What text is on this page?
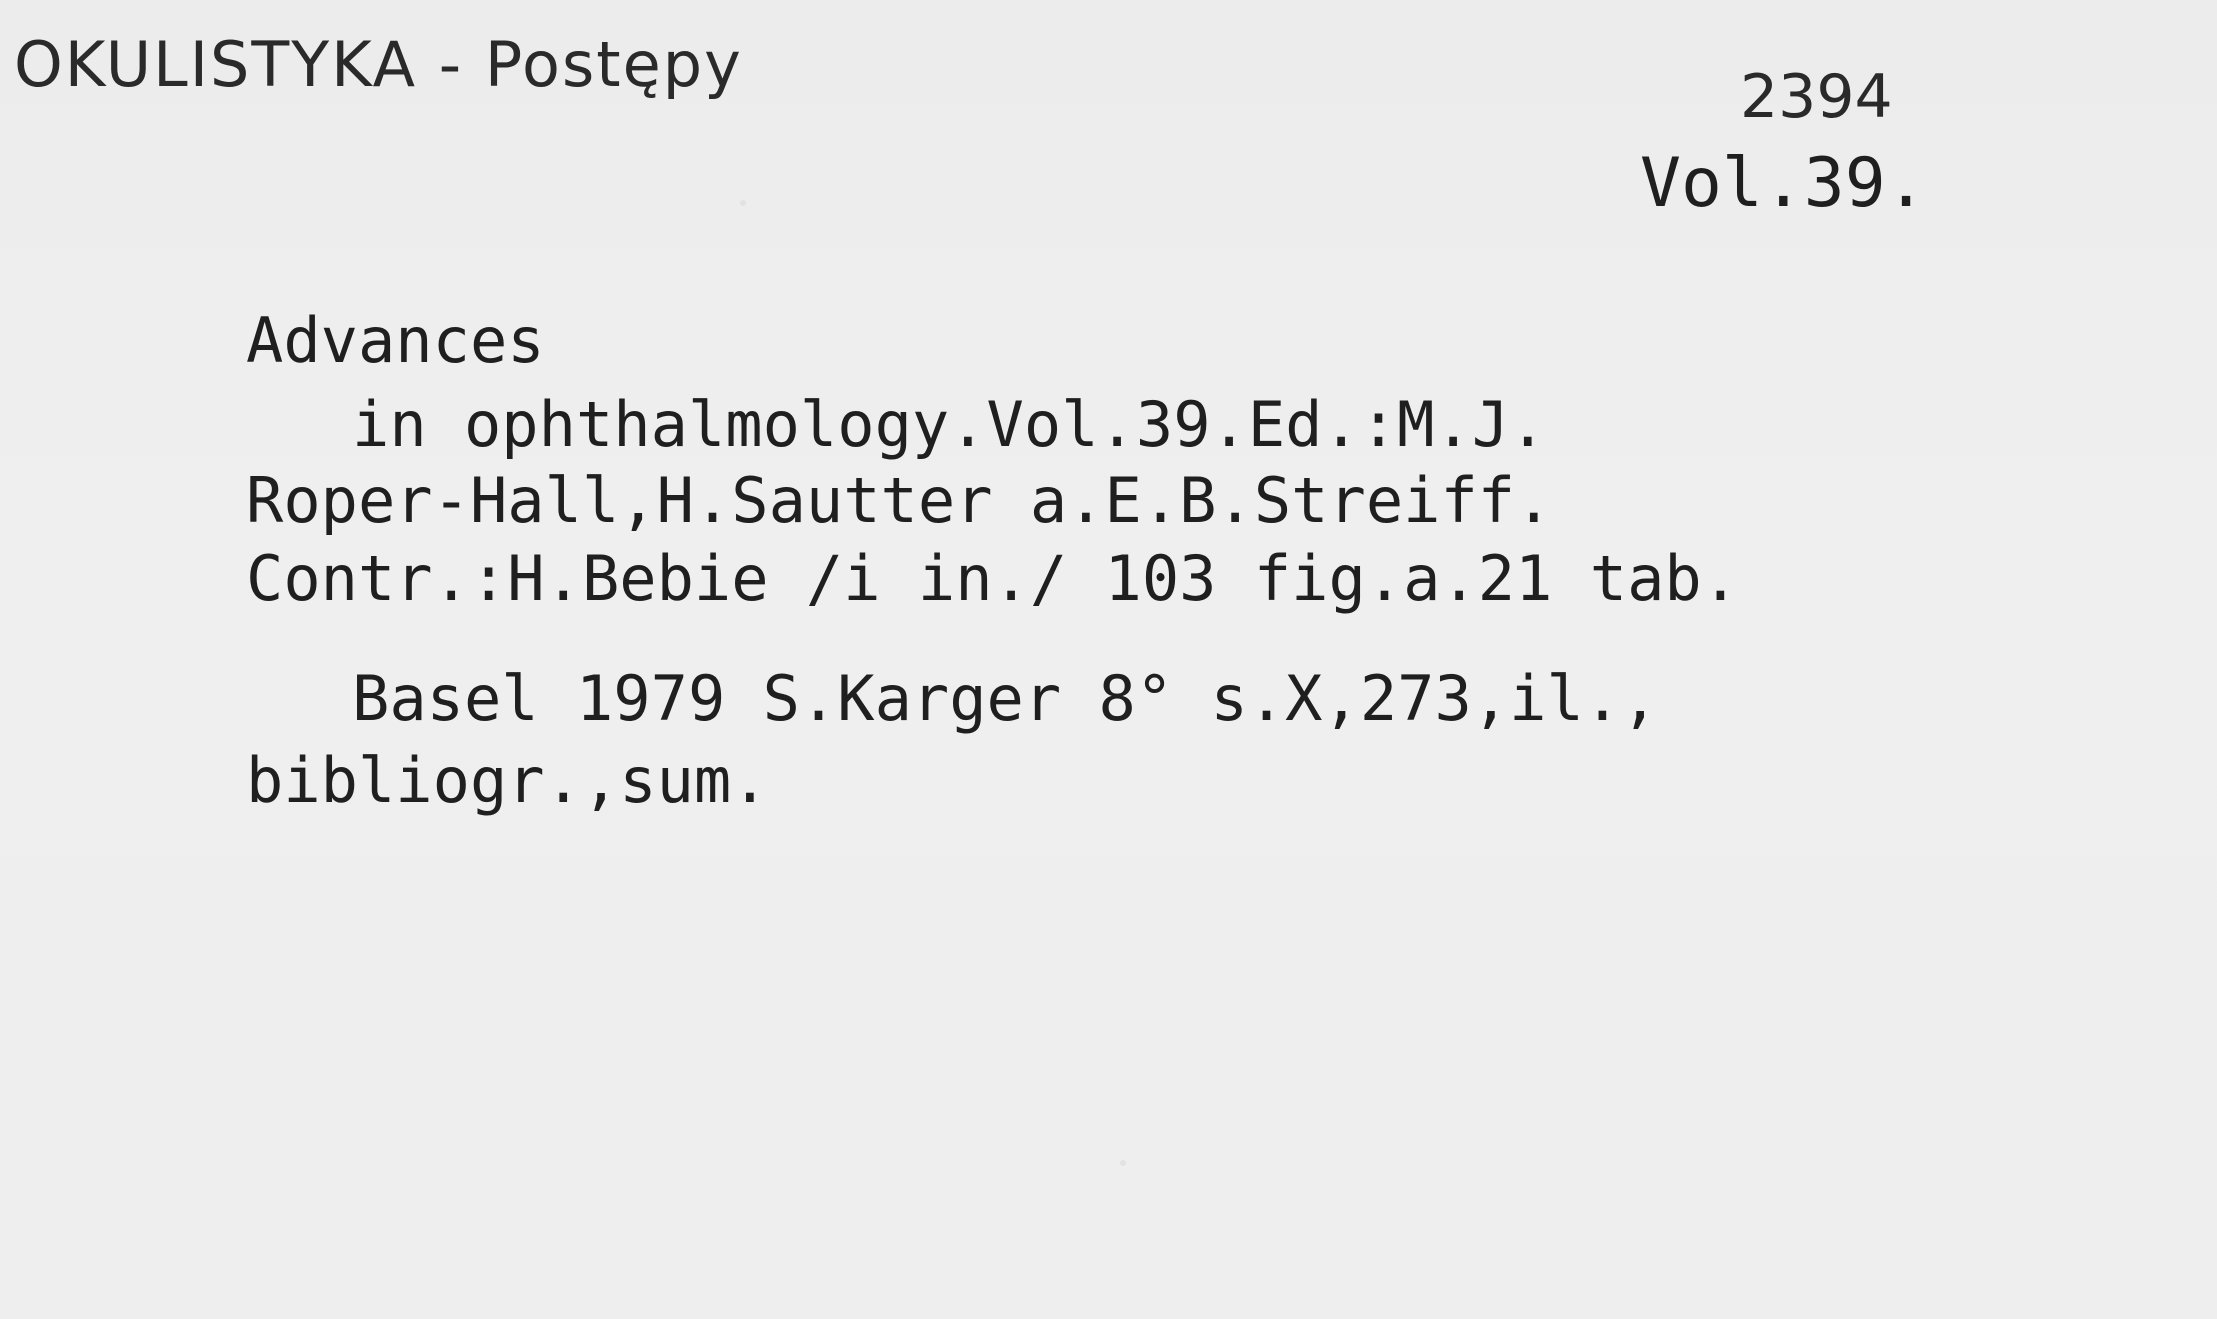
OKULISTYKA - Postępy	2394
Vol.39.
Advances
in ophthalmology.Vol.39.Ed.:M.J.
Roper-Hall,H.Sautter a.E.B.Streiff.
Contr.:H.Bebie /i in./ 103 fig.a.21 tab.
Basel 1979 S.Karger 8° s.X,273,il.,
bibliogr.,sum.
